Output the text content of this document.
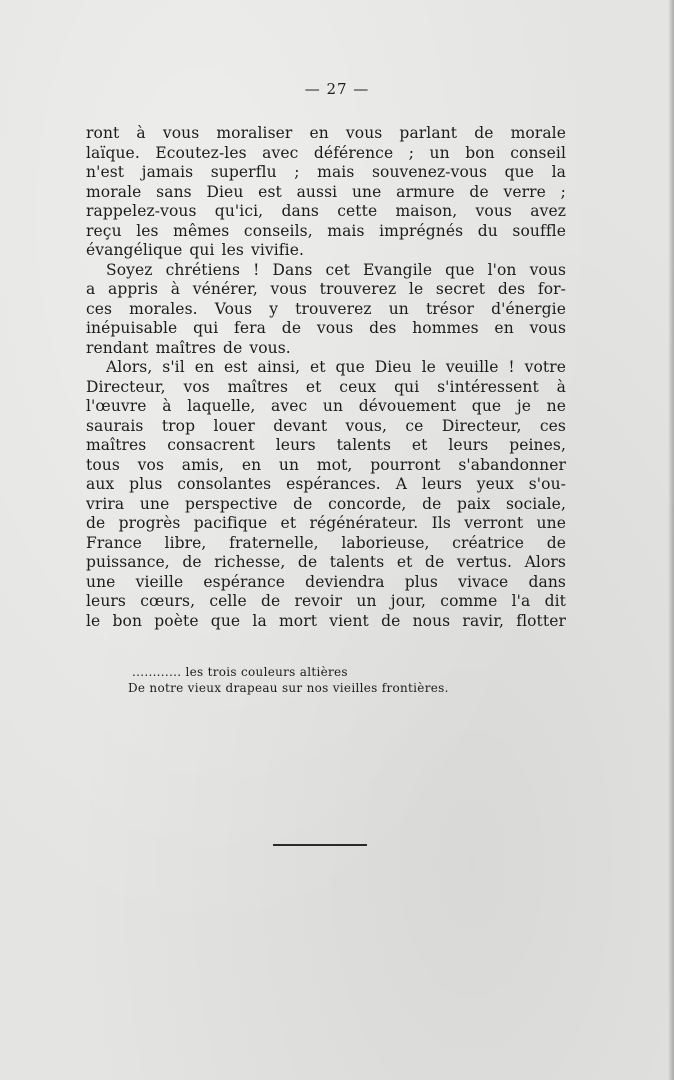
— 27 —

ront à vous moraliser en vous parlant de morale
laïque. Ecoutez-les avec déférence ; un bon conseil
n'est jamais superflu ; mais souvenez-vous que la
morale sans Dieu est aussi une armure de verre ;
rappelez-vous qu'ici, dans cette maison, vous avez
reçu les mêmes conseils, mais imprégnés du souffle
évangélique qui les vivifie.

Soyez chrétiens ! Dans cet Evangile que l'on vous
a appris à vénérer, vous trouverez le secret des for-
ces morales. Vous y trouverez un trésor d'énergie
inépuisable qui fera de vous des hommes en vous
rendant maîtres de vous.

Alors, s'il en est ainsi, et que Dieu le veuille ! votre
Directeur, vos maîtres et ceux qui s'intéressent à
l'œuvre à laquelle, avec un dévouement que je ne
saurais trop louer devant vous, ce Directeur, ces
maîtres consacrent leurs talents et leurs peines,
tous vos amis, en un mot, pourront s'abandonner
aux plus consolantes espérances. A leurs yeux s'ou-
vrira une perspective de concorde, de paix sociale,
de progrès pacifique et régénérateur. Ils verront une
France libre, fraternelle, laborieuse, créatrice de
puissance, de richesse, de talents et de vertus. Alors
une vieille espérance deviendra plus vivace dans
leurs cœurs, celle de revoir un jour, comme l'a dit
le bon poète que la mort vient de nous ravir, flotter

............ les trois couleurs altières
De notre vieux drapeau sur nos vieilles frontières.
